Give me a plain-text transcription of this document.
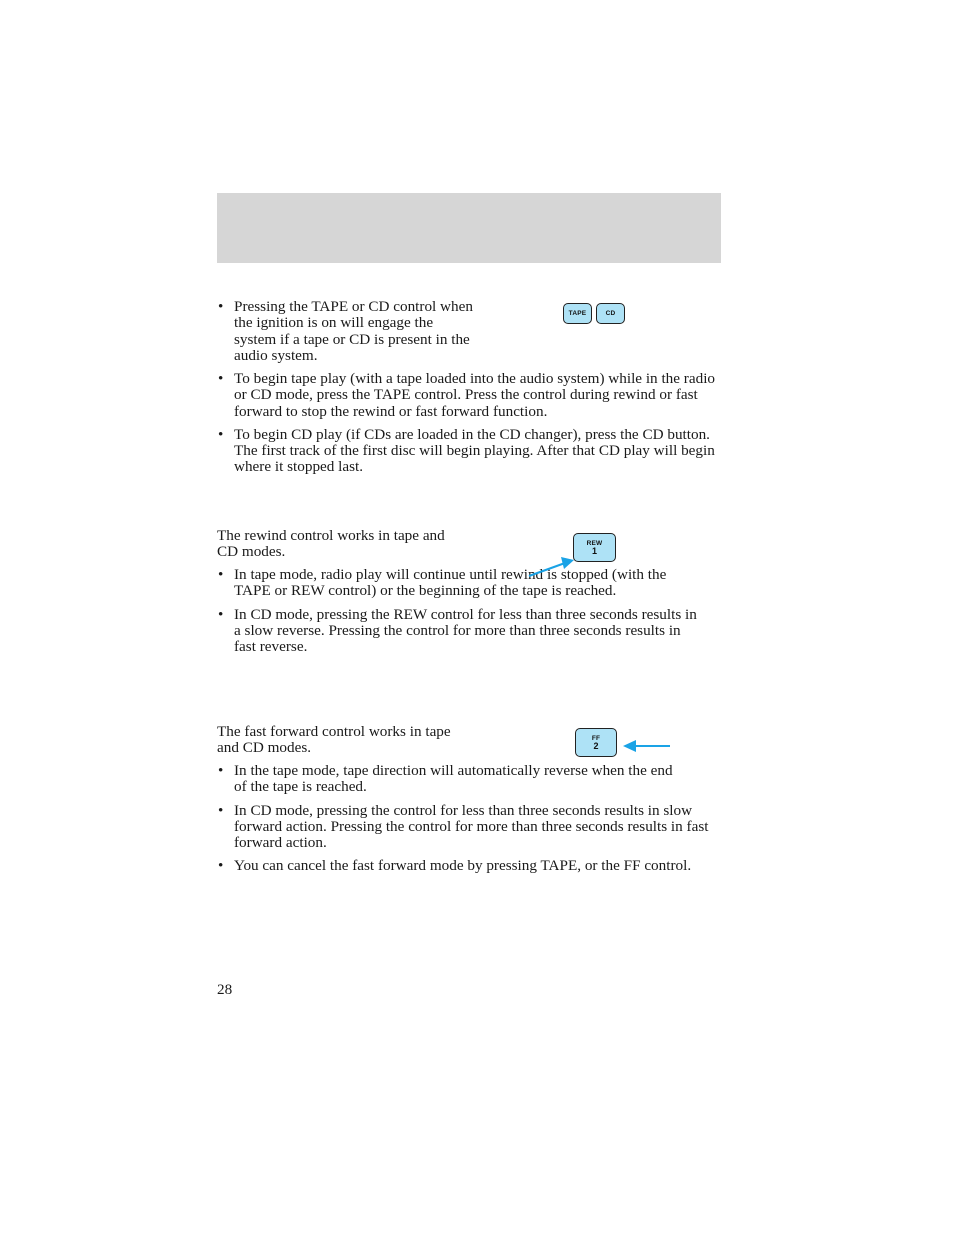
• Pressing the TAPE or CD control when the ignition is on will engage the system if a tape or CD is present in the audio system.
• To begin tape play (with a tape loaded into the audio system) while in the radio or CD mode, press the TAPE control. Press the control during rewind or fast forward to stop the rewind or fast forward function.
• To begin CD play (if CDs are loaded in the CD changer), press the CD button. The first track of the first disc will begin playing. After that CD play will begin where it stopped last.
TAPE	CD
The rewind control works in tape and CD modes.
• In tape mode, radio play will continue until rewind is stopped (with the TAPE or REW control) or the beginning of the tape is reached.
• In CD mode, pressing the REW control for less than three seconds results in a slow reverse. Pressing the control for more than three seconds results in fast reverse.
REW
1
The fast forward control works in tape and CD modes.
• In the tape mode, tape direction will automatically reverse when the end of the tape is reached.
• In CD mode, pressing the control for less than three seconds results in slow forward action. Pressing the control for more than three seconds results in fast forward action.
• You can cancel the fast forward mode by pressing TAPE, or the FF control.
FF
2
28
